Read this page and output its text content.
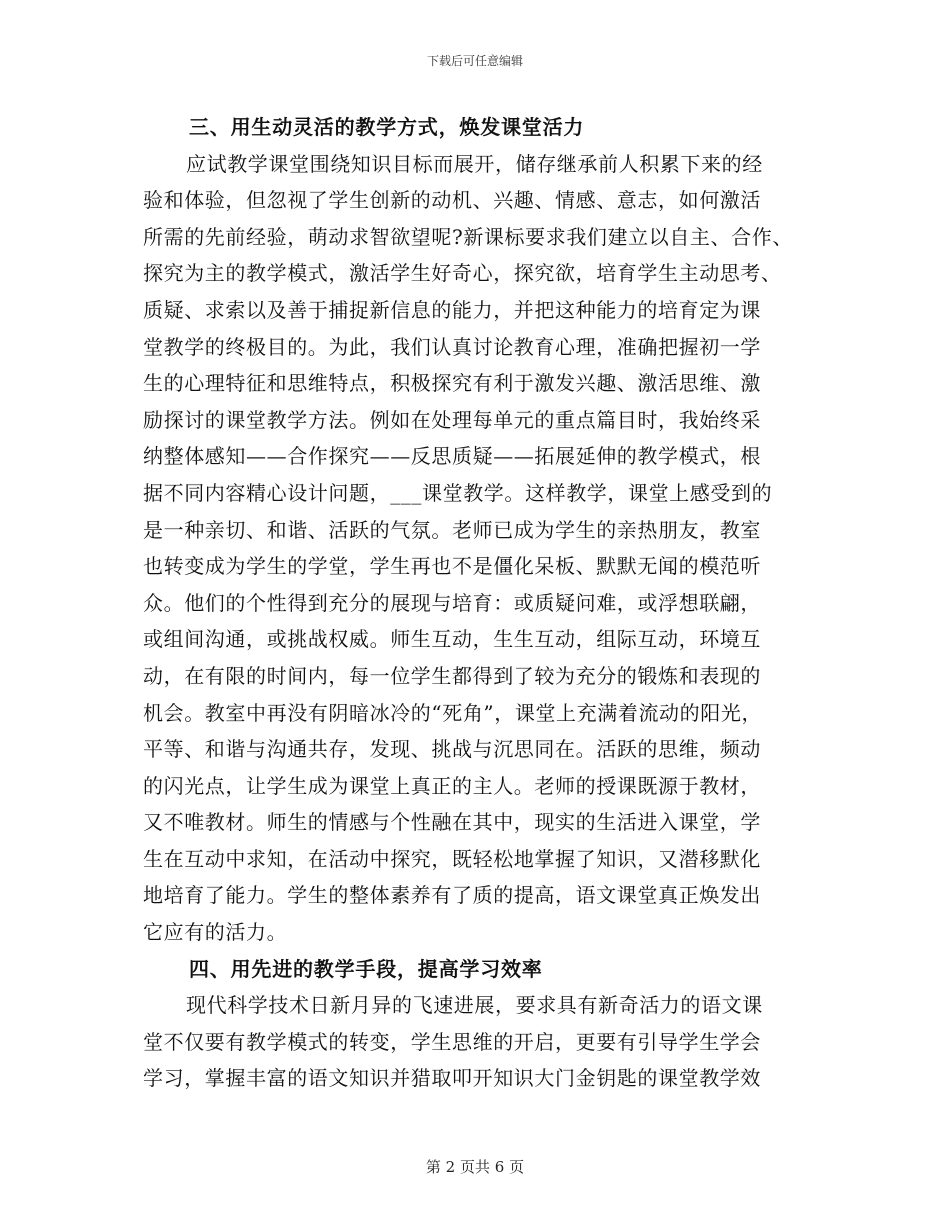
下载后可任意编辑
三、用生动灵活的教学方式，焕发课堂活力
应试教学课堂围绕知识目标而展开，储存继承前人积累下来的经
验和体验，但忽视了学生创新的动机、兴趣、情感、意志，如何激活
所需的先前经验，萌动求智欲望呢?新课标要求我们建立以自主、合作、
探究为主的教学模式，激活学生好奇心，探究欲，培育学生主动思考、
质疑、求索以及善于捕捉新信息的能力，并把这种能力的培育定为课
堂教学的终极目的。为此，我们认真讨论教育心理，准确把握初一学
生的心理特征和思维特点，积极探究有利于激发兴趣、激活思维、激
励探讨的课堂教学方法。例如在处理每单元的重点篇目时，我始终采
纳整体感知——合作探究——反思质疑——拓展延伸的教学模式，根
据不同内容精心设计问题，___课堂教学。这样教学，课堂上感受到的
是一种亲切、和谐、活跃的气氛。老师已成为学生的亲热朋友，教室
也转变成为学生的学堂，学生再也不是僵化呆板、默默无闻的模范听
众。他们的个性得到充分的展现与培育：或质疑问难，或浮想联翩，
或组间沟通，或挑战权威。师生互动，生生互动，组际互动，环境互
动，在有限的时间内，每一位学生都得到了较为充分的锻炼和表现的
机会。教室中再没有阴暗冰冷的“死角”，课堂上充满着流动的阳光，
平等、和谐与沟通共存，发现、挑战与沉思同在。活跃的思维，频动
的闪光点，让学生成为课堂上真正的主人。老师的授课既源于教材，
又不唯教材。师生的情感与个性融在其中，现实的生活进入课堂，学
生在互动中求知，在活动中探究，既轻松地掌握了知识，又潜移默化
地培育了能力。学生的整体素养有了质的提高，语文课堂真正焕发出
它应有的活力。
四、用先进的教学手段，提高学习效率
现代科学技术日新月异的飞速进展，要求具有新奇活力的语文课
堂不仅要有教学模式的转变，学生思维的开启，更要有引导学生学会
学习，掌握丰富的语文知识并猎取叩开知识大门金钥匙的课堂教学效
第 2 页共 6 页
